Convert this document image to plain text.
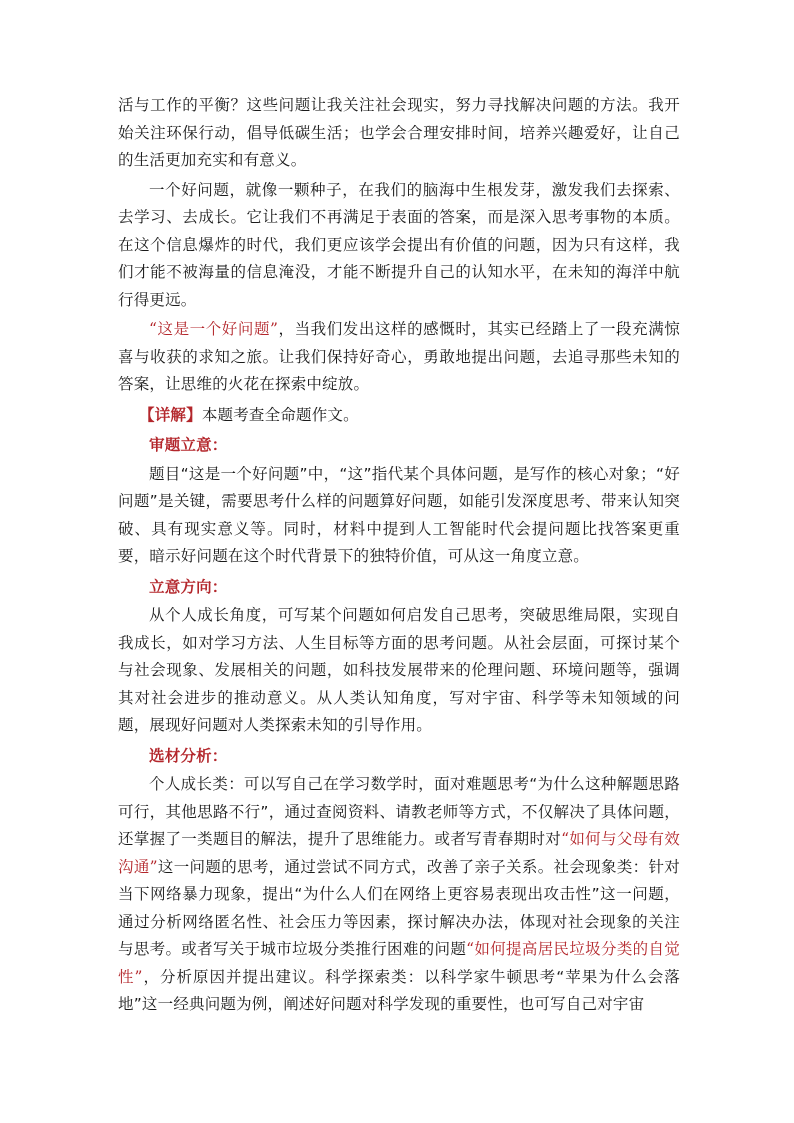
活与工作的平衡？这些问题让我关注社会现实，努力寻找解决问题的方法。我开始关注环保行动，倡导低碳生活；也学会合理安排时间，培养兴趣爱好，让自己的生活更加充实和有意义。

一个好问题，就像一颗种子，在我们的脑海中生根发芽，激发我们去探索、去学习、去成长。它让我们不再满足于表面的答案，而是深入思考事物的本质。在这个信息爆炸的时代，我们更应该学会提出有价值的问题，因为只有这样，我们才能不被海量的信息淹没，才能不断提升自己的认知水平，在未知的海洋中航行得更远。

“这是一个好问题”，当我们发出这样的感慨时，其实已经踏上了一段充满惊喜与收获的求知之旅。让我们保持好奇心，勇敢地提出问题，去追寻那些未知的答案，让思维的火花在探索中绽放。

【详解】本题考查全命题作文。

审题立意：

题目“这是一个好问题”中，“这”指代某个具体问题，是写作的核心对象；“好问题”是关键，需要思考什么样的问题算好问题，如能引发深度思考、带来认知突破、具有现实意义等。同时，材料中提到人工智能时代会提问题比找答案更重要，暗示好问题在这个时代背景下的独特价值，可从这一角度立意。

立意方向：

从个人成长角度，可写某个问题如何启发自己思考，突破思维局限，实现自我成长，如对学习方法、人生目标等方面的思考问题。从社会层面，可探讨某个与社会现象、发展相关的问题，如科技发展带来的伦理问题、环境问题等，强调其对社会进步的推动意义。从人类认知角度，写对宇宙、科学等未知领域的问题，展现好问题对人类探索未知的引导作用。

选材分析：

个人成长类：可以写自己在学习数学时，面对难题思考“为什么这种解题思路可行，其他思路不行”，通过查阅资料、请教老师等方式，不仅解决了具体问题，还掌握了一类题目的解法，提升了思维能力。或者写青春期时对“如何与父母有效沟通”这一问题的思考，通过尝试不同方式，改善了亲子关系。社会现象类：针对当下网络暴力现象，提出“为什么人们在网络上更容易表现出攻击性”这一问题，通过分析网络匿名性、社会压力等因素，探讨解决办法，体现对社会现象的关注与思考。或者写关于城市垃圾分类推行困难的问题“如何提高居民垃圾分类的自觉性”，分析原因并提出建议。科学探索类：以科学家牛顿思考“苹果为什么会落地”这一经典问题为例，阐述好问题对科学发现的重要性，也可写自己对宇宙
